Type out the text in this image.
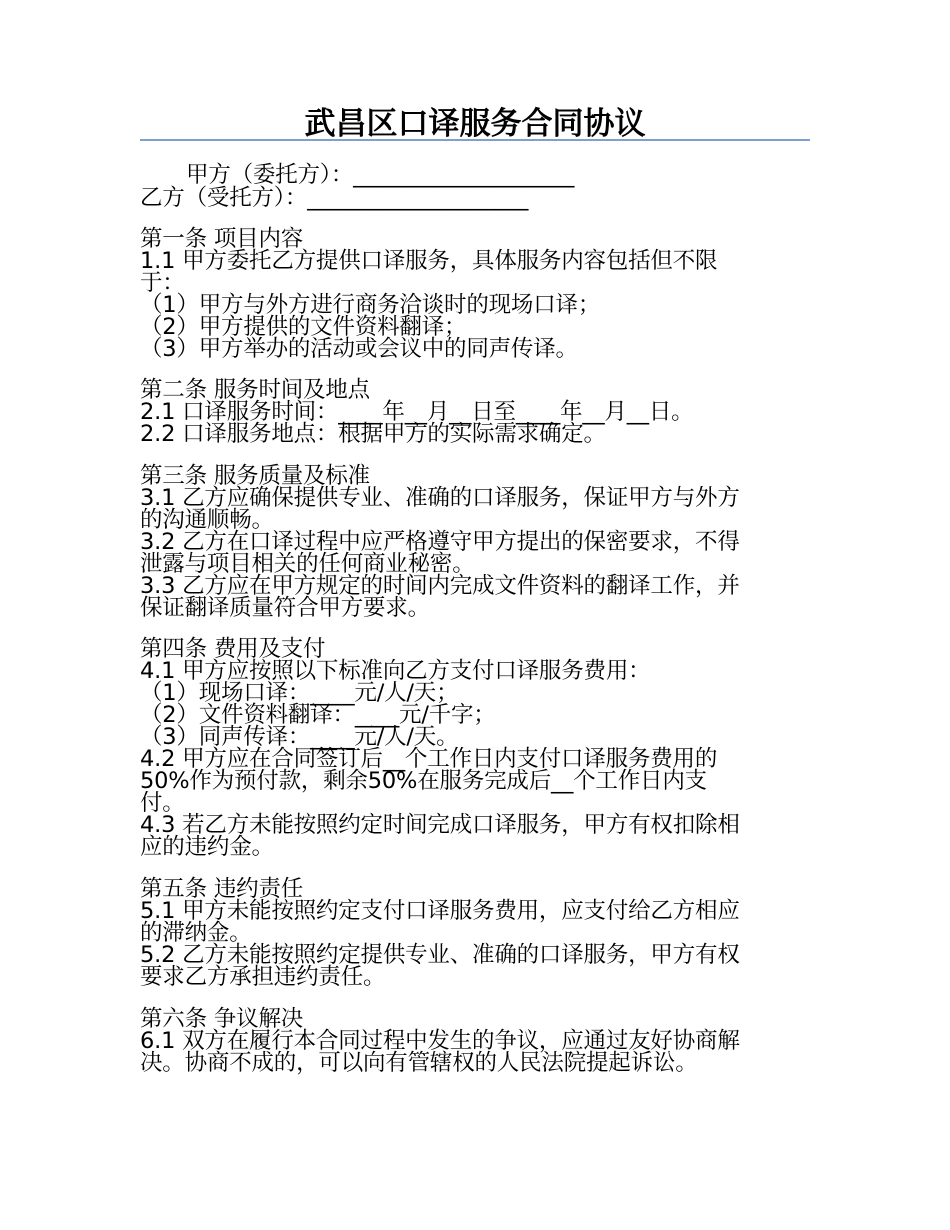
武昌区口译服务合同协议
甲方（委托方）：____________________
乙方（受托方）：____________________
第一条 项目内容
1.1 甲方委托乙方提供口译服务，具体服务内容包括但不限
于：
（1）甲方与外方进行商务洽谈时的现场口译；
（2）甲方提供的文件资料翻译；
（3）甲方举办的活动或会议中的同声传译。
第二条 服务时间及地点
2.1 口译服务时间：____年__月__日至____年__月__日。
2.2 口译服务地点：根据甲方的实际需求确定。
第三条 服务质量及标准
3.1 乙方应确保提供专业、准确的口译服务，保证甲方与外方
的沟通顺畅。
3.2 乙方在口译过程中应严格遵守甲方提出的保密要求，不得
泄露与项目相关的任何商业秘密。
3.3 乙方应在甲方规定的时间内完成文件资料的翻译工作，并
保证翻译质量符合甲方要求。
第四条 费用及支付
4.1 甲方应按照以下标准向乙方支付口译服务费用：
（1）现场口译：____元/人/天；
（2）文件资料翻译：____元/千字；
（3）同声传译：____元/人/天。
4.2 甲方应在合同签订后__个工作日内支付口译服务费用的
50%作为预付款，剩余50%在服务完成后__个工作日内支
付。
4.3 若乙方未能按照约定时间完成口译服务，甲方有权扣除相
应的违约金。
第五条 违约责任
5.1 甲方未能按照约定支付口译服务费用，应支付给乙方相应
的滞纳金。
5.2 乙方未能按照约定提供专业、准确的口译服务，甲方有权
要求乙方承担违约责任。
第六条 争议解决
6.1 双方在履行本合同过程中发生的争议，应通过友好协商解
决。协商不成的，可以向有管辖权的人民法院提起诉讼。
